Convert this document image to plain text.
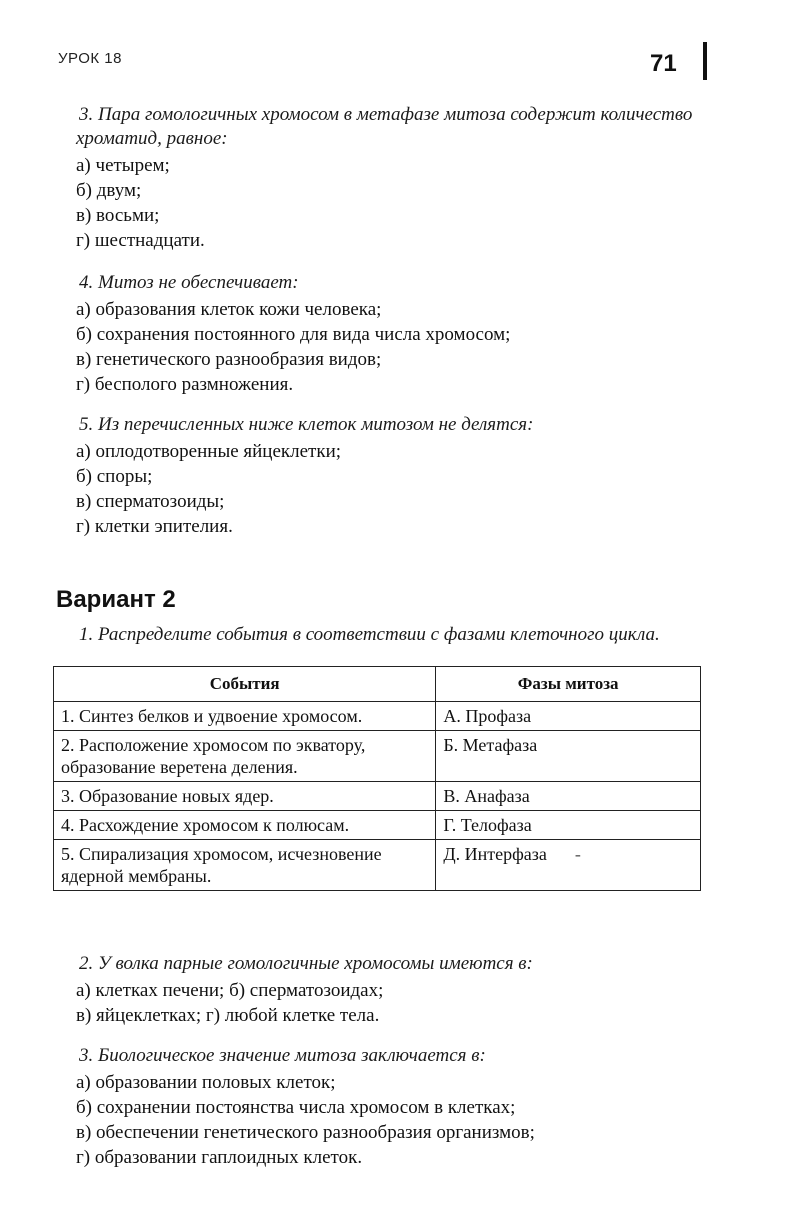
УРОК 18	71

3. Пара гомологичных хромосом в метафазе митоза содержит количество хроматид, равное:

а) четырем;

б) двум;

в) восьми;

г) шестнадцати.

4. Митоз не обеспечивает:

а) образования клеток кожи человека;

б) сохранения постоянного для вида числа хромосом;

в) генетического разнообразия видов;

г) бесполого размножения.

5. Из перечисленных ниже клеток митозом не делятся:

а) оплодотворенные яйцеклетки;

б) споры;

в) сперматозоиды;

г) клетки эпителия.

Вариант 2

1. Распределите события в соответствии с фазами клеточного цикла.

События	Фазы митоза
1. Синтез белков и удвоение хромосом.	А. Профаза
2. Расположение хромосом по экватору, образование веретена деления.	Б. Метафаза
3. Образование новых ядер.	В. Анафаза
4. Расхождение хромосом к полюсам.	Г. Телофаза
5. Спирализация хромосом, исчезновение ядерной мембраны.	Д. Интерфаза -

2. У волка парные гомологичные хромосомы имеются в:

а) клетках печени; б) сперматозоидах;

в) яйцеклетках; г) любой клетке тела.

3. Биологическое значение митоза заключается в:

а) образовании половых клеток;

б) сохранении постоянства числа хромосом в клетках;

в) обеспечении генетического разнообразия организмов;

г) образовании гаплоидных клеток.
